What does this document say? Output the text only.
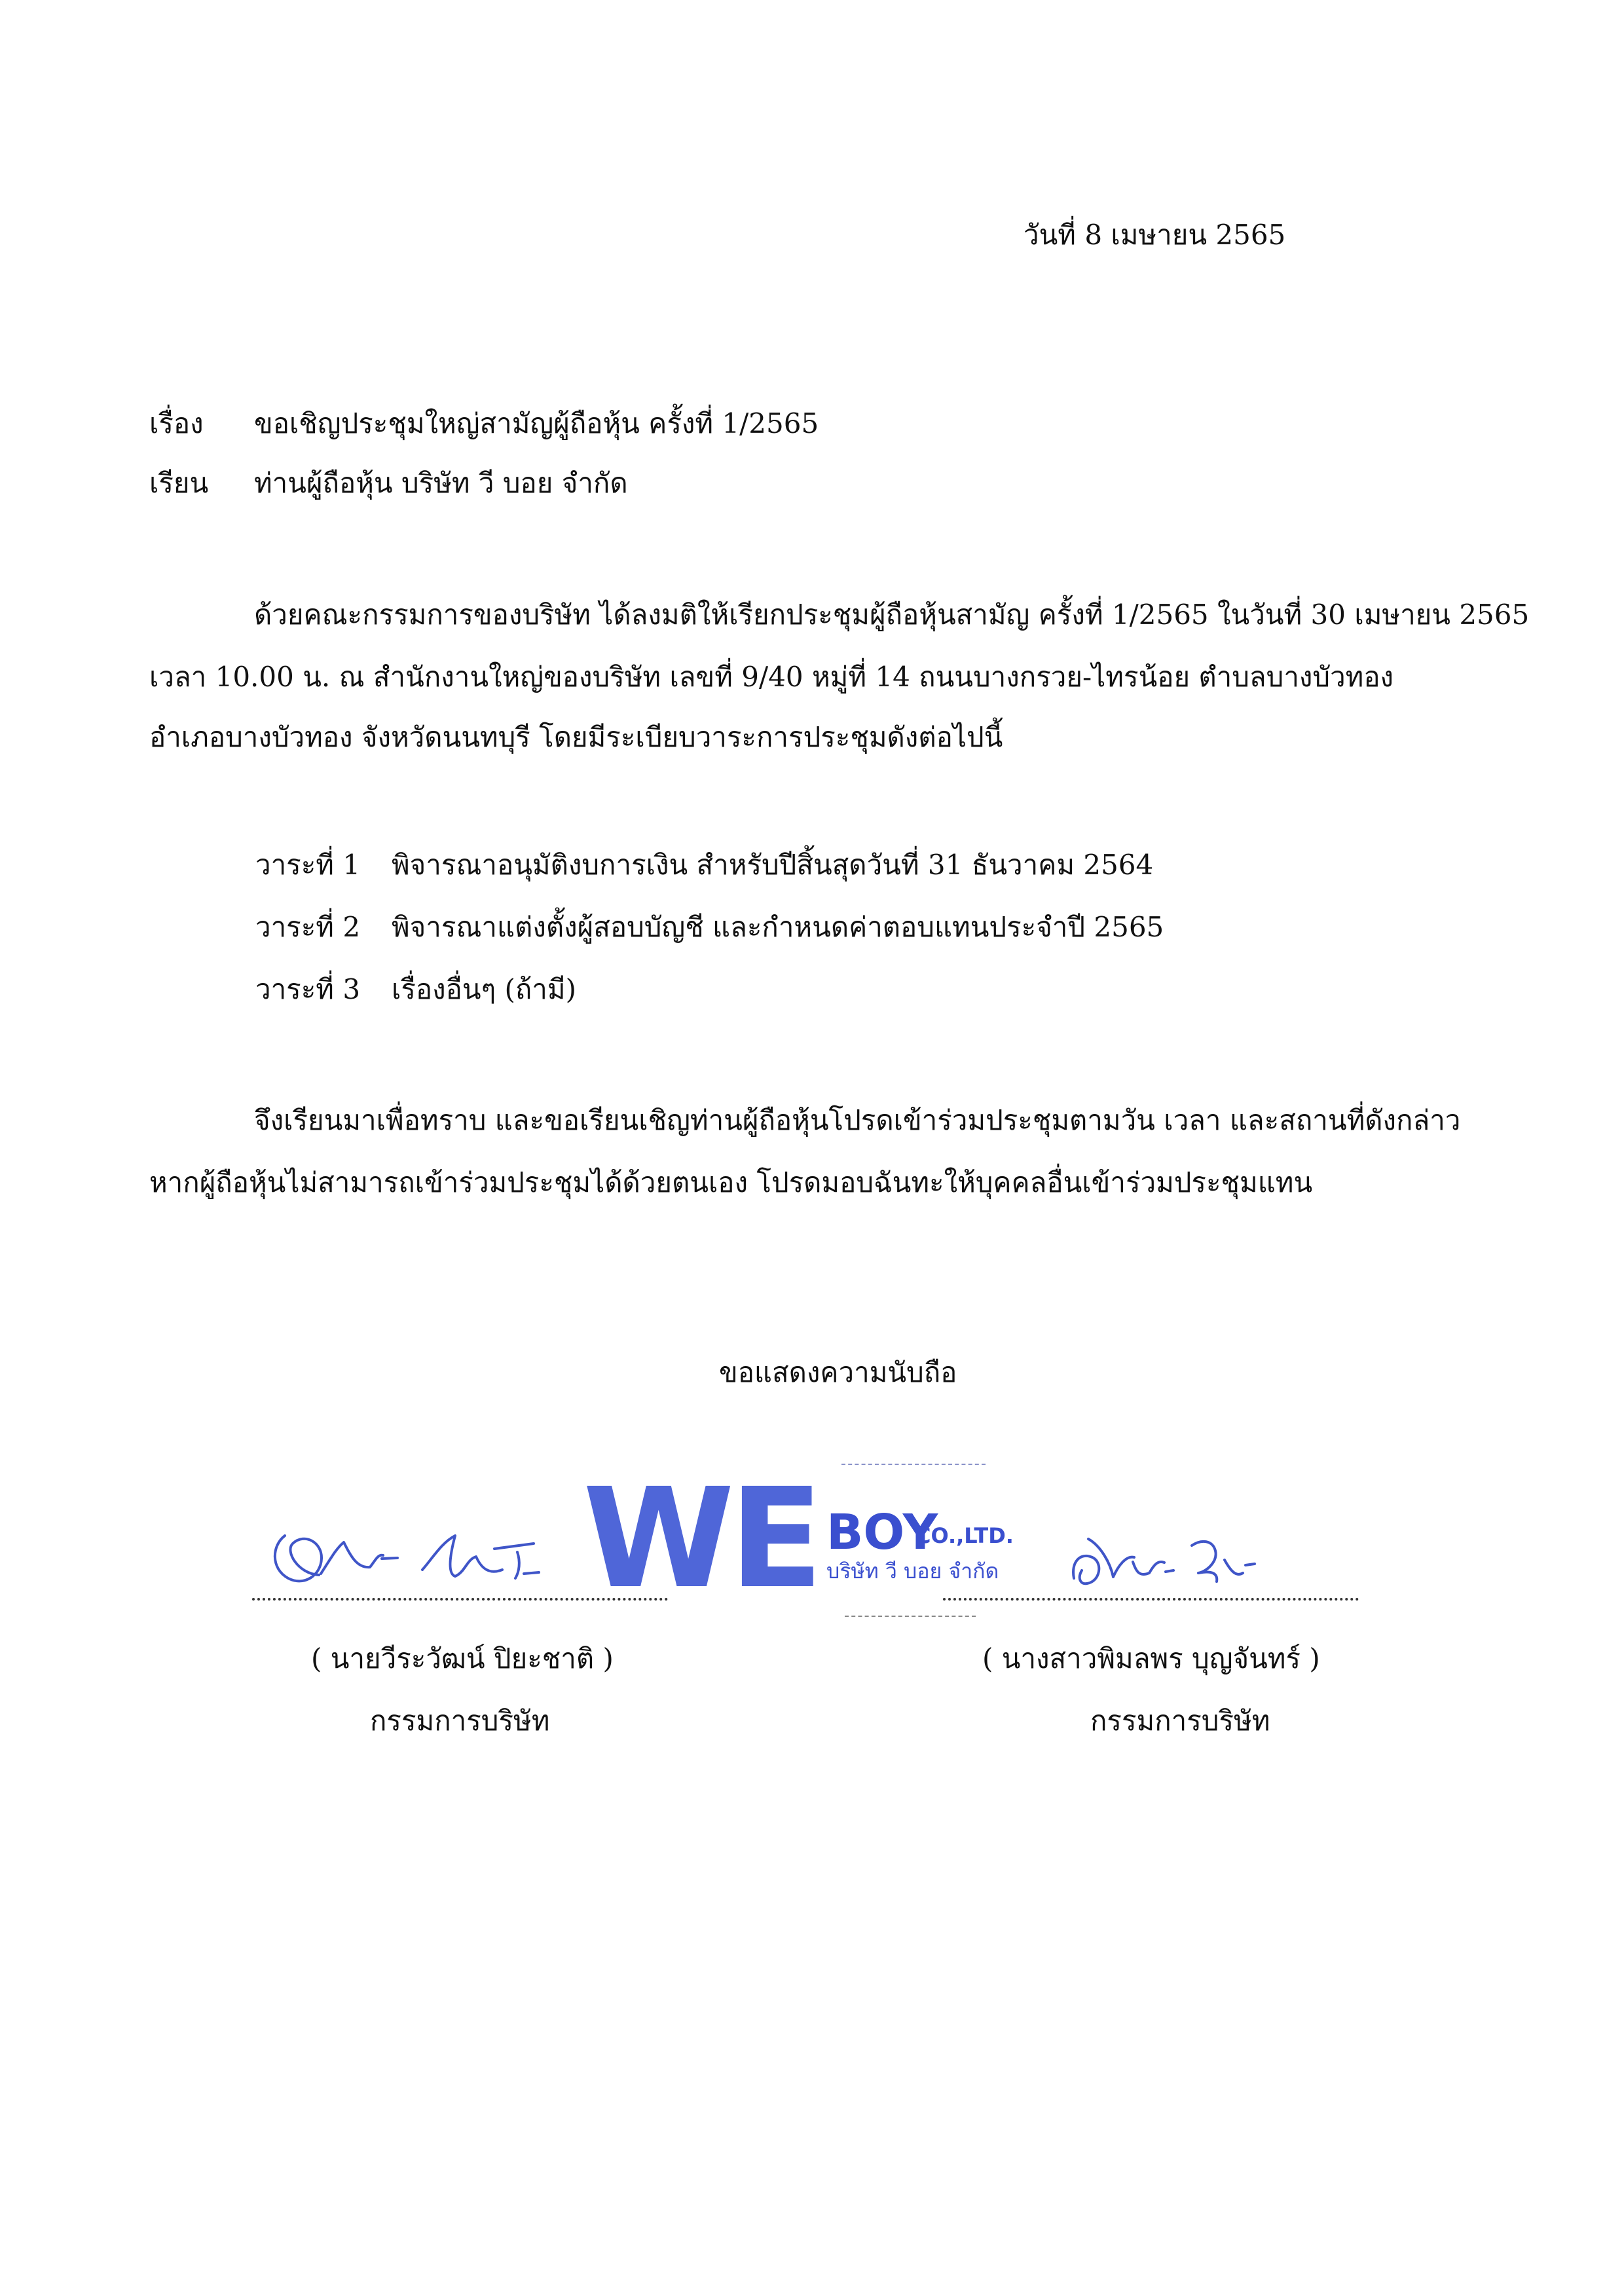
วันที่ 8 เมษายน 2565
เรื่อง ขอเชิญประชุมใหญ่สามัญผู้ถือหุ้น ครั้งที่ 1/2565
เรียน ท่านผู้ถือหุ้น บริษัท วี บอย จำกัด
ด้วยคณะกรรมการของบริษัท ได้ลงมติให้เรียกประชุมผู้ถือหุ้นสามัญ ครั้งที่ 1/2565 ในวันที่ 30 เมษายน 2565
เวลา 10.00 น. ณ สำนักงานใหญ่ของบริษัท เลขที่ 9/40 หมู่ที่ 14 ถนนบางกรวย-ไทรน้อย ตำบลบางบัวทอง
อำเภอบางบัวทอง จังหวัดนนทบุรี โดยมีระเบียบวาระการประชุมดังต่อไปนี้
วาระที่ 1 พิจารณาอนุมัติงบการเงิน สำหรับปีสิ้นสุดวันที่ 31 ธันวาคม 2564
วาระที่ 2 พิจารณาแต่งตั้งผู้สอบบัญชี และกำหนดค่าตอบแทนประจำปี 2565
วาระที่ 3 เรื่องอื่นๆ (ถ้ามี)
จึงเรียนมาเพื่อทราบ และขอเรียนเชิญท่านผู้ถือหุ้นโปรดเข้าร่วมประชุมตามวัน เวลา และสถานที่ดังกล่าว
หากผู้ถือหุ้นไม่สามารถเข้าร่วมประชุมได้ด้วยตนเอง โปรดมอบฉันทะให้บุคคลอื่นเข้าร่วมประชุมแทน
ขอแสดงความนับถือ
WE BOY
CO.,LTD.
บริษัท วี บอย จำกัด
( นายวีระวัฒน์ ปิยะชาติ )	( นางสาวพิมลพร บุญจันทร์ )
กรรมการบริษัท	กรรมการบริษัท
